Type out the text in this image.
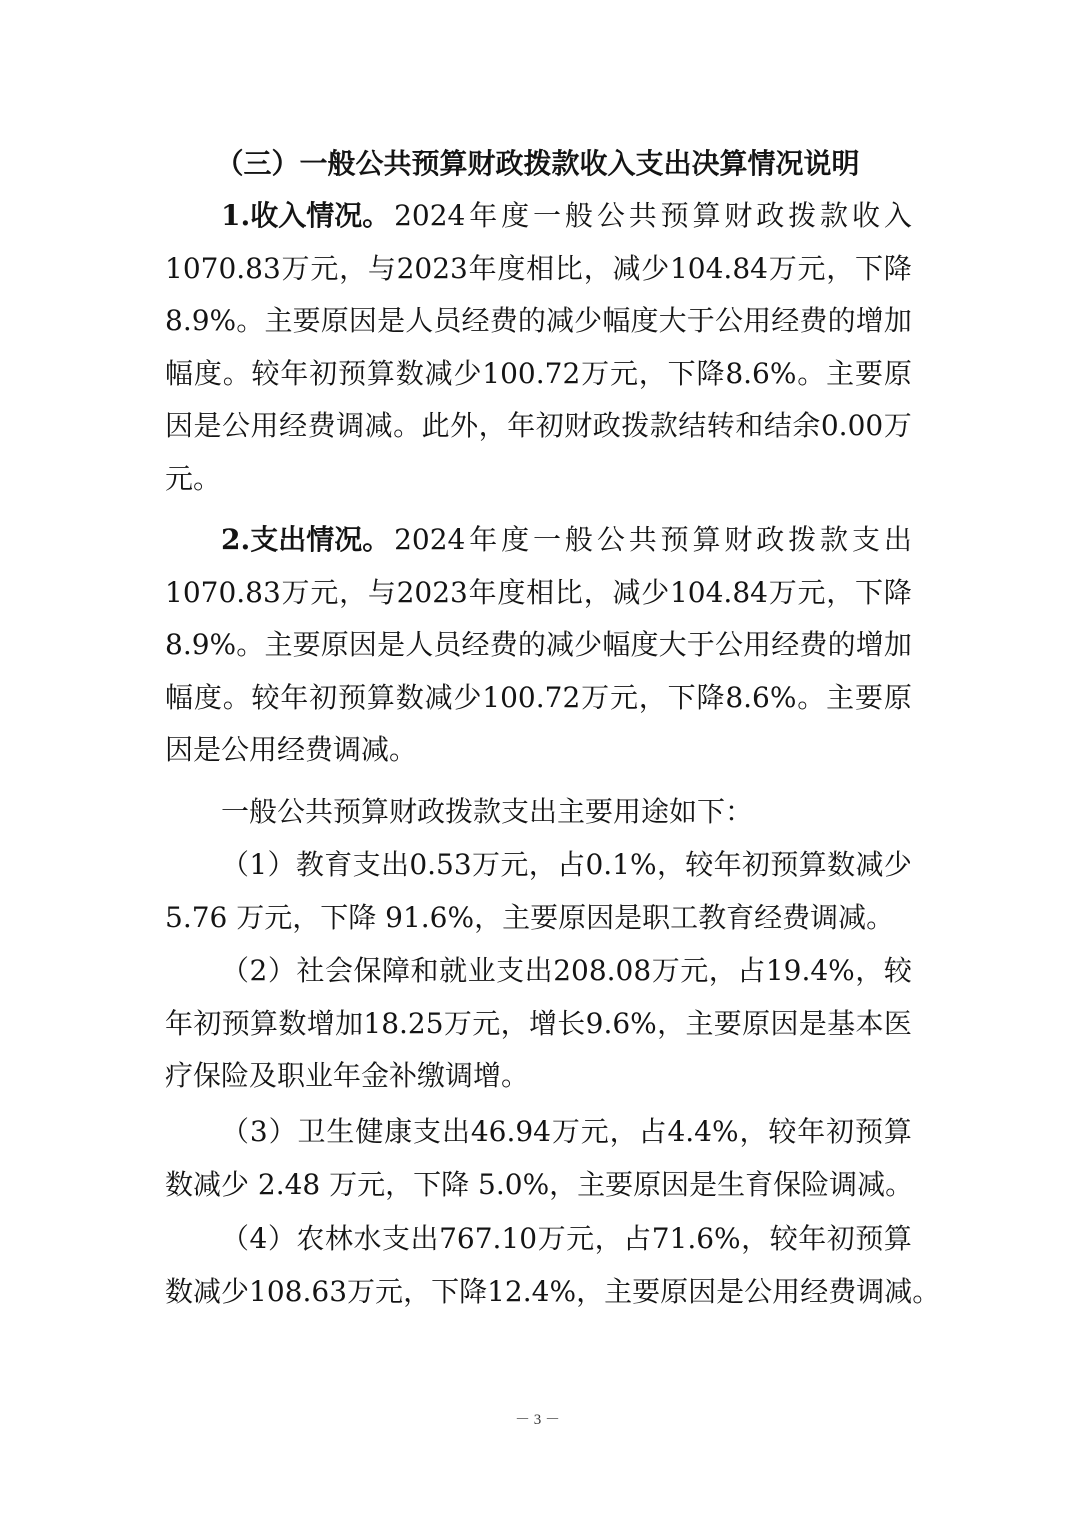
（三）一般公共预算财政拨款收入支出决算情况说明
1.收入情况。 2024 年 度 一 般 公 共 预 算 财 政 拨 款 收 入
1070.83 万 元 ， 与 2023 年 度 相 比 ， 减 少 104.84 万 元 ， 下 降
8.9% 。 主 要 原 因 是 人 员 经 费 的 减 少 幅 度 大 于 公 用 经 费 的 增 加
幅 度 。 较 年 初 预 算 数 减 少 100.72 万 元 ， 下 降 8.6% 。 主 要 原
因 是 公 用 经 费 调 减 。 此 外 ， 年 初 财 政 拨 款 结 转 和 结 余 0.00 万
元。
2.支出情况。 2024 年 度 一 般 公 共 预 算 财 政 拨 款 支 出
1070.83 万 元 ， 与 2023 年 度 相 比 ， 减 少 104.84 万 元 ， 下 降
8.9% 。 主 要 原 因 是 人 员 经 费 的 减 少 幅 度 大 于 公 用 经 费 的 增 加
幅 度 。 较 年 初 预 算 数 减 少 100.72 万 元 ， 下 降 8.6% 。 主 要 原
因是公用经费调减。
一般公共预算财政拨款支出主要用途如下：
（ 1 ） 教 育 支 出 0.53 万 元 ， 占 0.1% ， 较 年 初 预 算 数 减 少
5.76 万元，下降 91.6%，主要原因是职工教育经费调减。
（ 2 ） 社 会 保 障 和 就 业 支 出 208.08 万 元 ， 占 19.4% ， 较
年 初 预 算 数 增 加 18.25 万 元 ， 增 长 9.6% ， 主 要 原 因 是 基 本 医
疗保险及职业年金补缴调增。
（ 3 ） 卫 生 健 康 支 出 46.94 万 元 ， 占 4.4% ， 较 年 初 预 算
数减少 2.48 万元，下降 5.0%，主要原因是生育保险调减。
（ 4 ） 农 林 水 支 出 767.10 万 元 ， 占 71.6% ， 较 年 初 预 算
数 减 少 108.63 万 元 ， 下 降 12.4% ， 主 要 原 因 是 公 用 经 费 调 减 。
－ 3 －
